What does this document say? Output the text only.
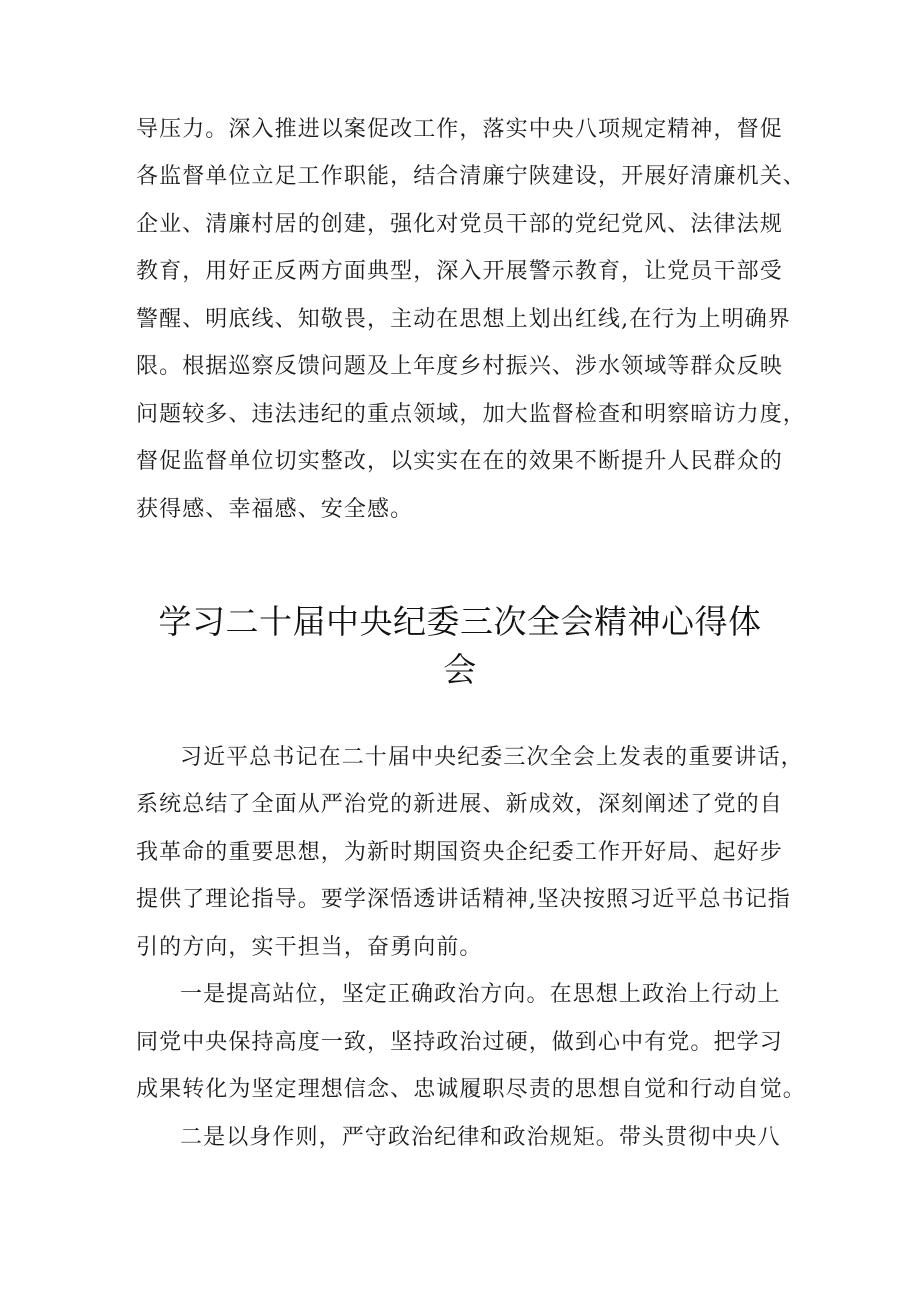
导压力。深入推进以案促改工作，落实中央八项规定精神，督促
各监督单位立足工作职能，结合清廉宁陕建设，开展好清廉机关、
企业、清廉村居的创建，强化对党员干部的党纪党风、法律法规
教育，用好正反两方面典型，深入开展警示教育，让党员干部受
警醒、明底线、知敬畏，主动在思想上划出红线,在行为上明确界
限。根据巡察反馈问题及上年度乡村振兴、涉水领域等群众反映
问题较多、违法违纪的重点领域，加大监督检查和明察暗访力度，
督促监督单位切实整改，以实实在在的效果不断提升人民群众的
获得感、幸福感、安全感。
学习二十届中央纪委三次全会精神心得体
会
习近平总书记在二十届中央纪委三次全会上发表的重要讲话，
系统总结了全面从严治党的新进展、新成效，深刻阐述了党的自
我革命的重要思想，为新时期国资央企纪委工作开好局、起好步
提供了理论指导。要学深悟透讲话精神,坚决按照习近平总书记指
引的方向，实干担当，奋勇向前。
一是提高站位，坚定正确政治方向。在思想上政治上行动上
同党中央保持高度一致，坚持政治过硬，做到心中有党。把学习
成果转化为坚定理想信念、忠诚履职尽责的思想自觉和行动自觉。
二是以身作则，严守政治纪律和政治规矩。带头贯彻中央八
